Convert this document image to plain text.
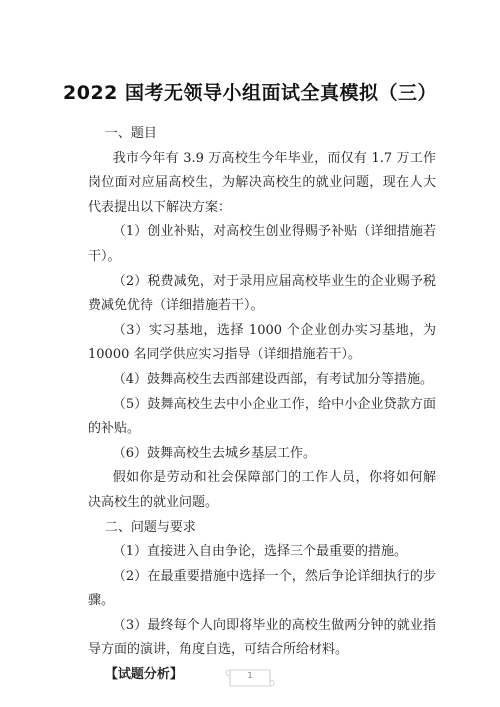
2022 国考无领导小组面试全真模拟（三）

一、题目

我市今年有 3.9 万高校生今年毕业，而仅有 1.7 万工作岗位面对应届高校生，为解决高校生的就业问题，现在人大代表提出以下解决方案：

（1）创业补贴，对高校生创业得赐予补贴（详细措施若干）。

（2）税费减免，对于录用应届高校毕业生的企业赐予税费减免优待（详细措施若干）。

（3）实习基地，选择 1000 个企业创办实习基地，为 10000 名同学供应实习指导（详细措施若干）。

（4）鼓舞高校生去西部建设西部，有考试加分等措施。

（5）鼓舞高校生去中小企业工作，给中小企业贷款方面的补贴。

（6）鼓舞高校生去城乡基层工作。

假如你是劳动和社会保障部门的工作人员，你将如何解决高校生的就业问题。

二、问题与要求

（1）直接进入自由争论，选择三个最重要的措施。

（2）在最重要措施中选择一个，然后争论详细执行的步骤。

（3）最终每个人向即将毕业的高校生做两分钟的就业指导方面的演讲，角度自选，可结合所给材料。

【试题分析】	1
